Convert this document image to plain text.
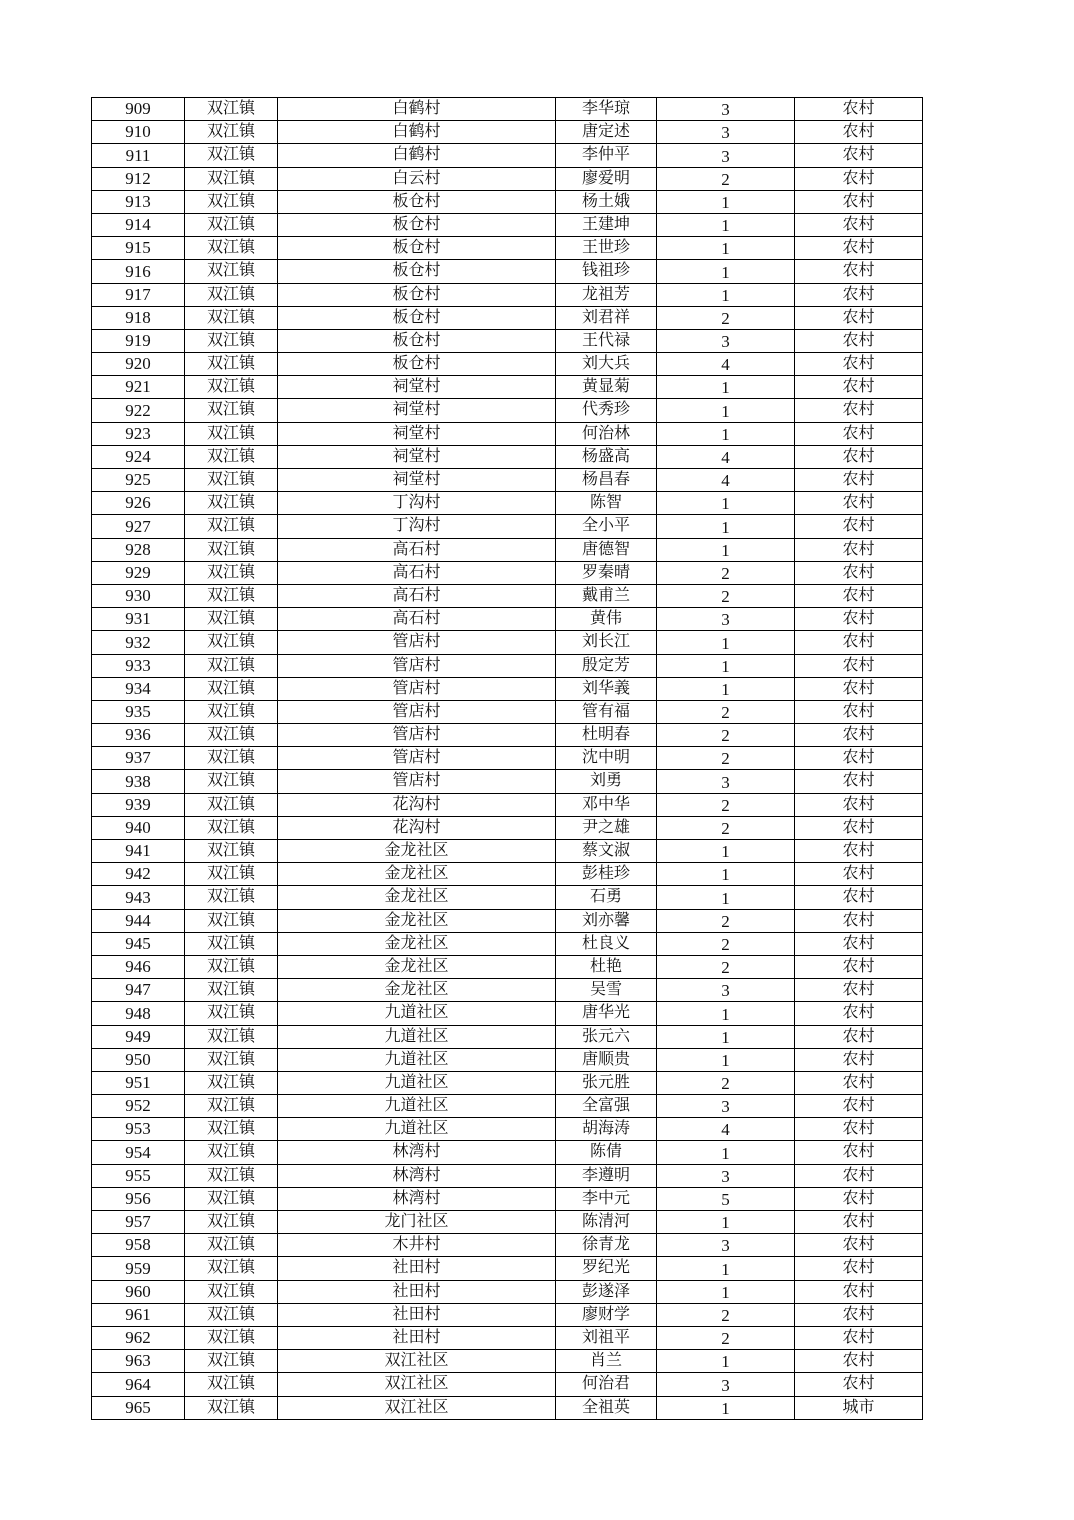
909	双江镇	白鹤村	李华琼	3	农村
910	双江镇	白鹤村	唐定述	3	农村
911	双江镇	白鹤村	李仲平	3	农村
912	双江镇	白云村	廖爱明	2	农村
913	双江镇	板仓村	杨土娥	1	农村
914	双江镇	板仓村	王建坤	1	农村
915	双江镇	板仓村	王世珍	1	农村
916	双江镇	板仓村	钱祖珍	1	农村
917	双江镇	板仓村	龙祖芳	1	农村
918	双江镇	板仓村	刘君祥	2	农村
919	双江镇	板仓村	王代禄	3	农村
920	双江镇	板仓村	刘大兵	4	农村
921	双江镇	祠堂村	黄显菊	1	农村
922	双江镇	祠堂村	代秀珍	1	农村
923	双江镇	祠堂村	何治林	1	农村
924	双江镇	祠堂村	杨盛高	4	农村
925	双江镇	祠堂村	杨昌春	4	农村
926	双江镇	丁沟村	陈智	1	农村
927	双江镇	丁沟村	全小平	1	农村
928	双江镇	高石村	唐德智	1	农村
929	双江镇	高石村	罗秦晴	2	农村
930	双江镇	高石村	戴甫兰	2	农村
931	双江镇	高石村	黄伟	3	农村
932	双江镇	管店村	刘长江	1	农村
933	双江镇	管店村	殷定芳	1	农村
934	双江镇	管店村	刘华義	1	农村
935	双江镇	管店村	管有福	2	农村
936	双江镇	管店村	杜明春	2	农村
937	双江镇	管店村	沈中明	2	农村
938	双江镇	管店村	刘勇	3	农村
939	双江镇	花沟村	邓中华	2	农村
940	双江镇	花沟村	尹之雄	2	农村
941	双江镇	金龙社区	蔡文淑	1	农村
942	双江镇	金龙社区	彭桂珍	1	农村
943	双江镇	金龙社区	石勇	1	农村
944	双江镇	金龙社区	刘亦馨	2	农村
945	双江镇	金龙社区	杜良义	2	农村
946	双江镇	金龙社区	杜艳	2	农村
947	双江镇	金龙社区	吴雪	3	农村
948	双江镇	九道社区	唐华光	1	农村
949	双江镇	九道社区	张元六	1	农村
950	双江镇	九道社区	唐顺贵	1	农村
951	双江镇	九道社区	张元胜	2	农村
952	双江镇	九道社区	全富强	3	农村
953	双江镇	九道社区	胡海涛	4	农村
954	双江镇	林湾村	陈倩	1	农村
955	双江镇	林湾村	李遵明	3	农村
956	双江镇	林湾村	李中元	5	农村
957	双江镇	龙门社区	陈清河	1	农村
958	双江镇	木井村	徐青龙	3	农村
959	双江镇	社田村	罗纪光	1	农村
960	双江镇	社田村	彭遂泽	1	农村
961	双江镇	社田村	廖财学	2	农村
962	双江镇	社田村	刘祖平	2	农村
963	双江镇	双江社区	肖兰	1	农村
964	双江镇	双江社区	何治君	3	农村
965	双江镇	双江社区	全祖英	1	城市
